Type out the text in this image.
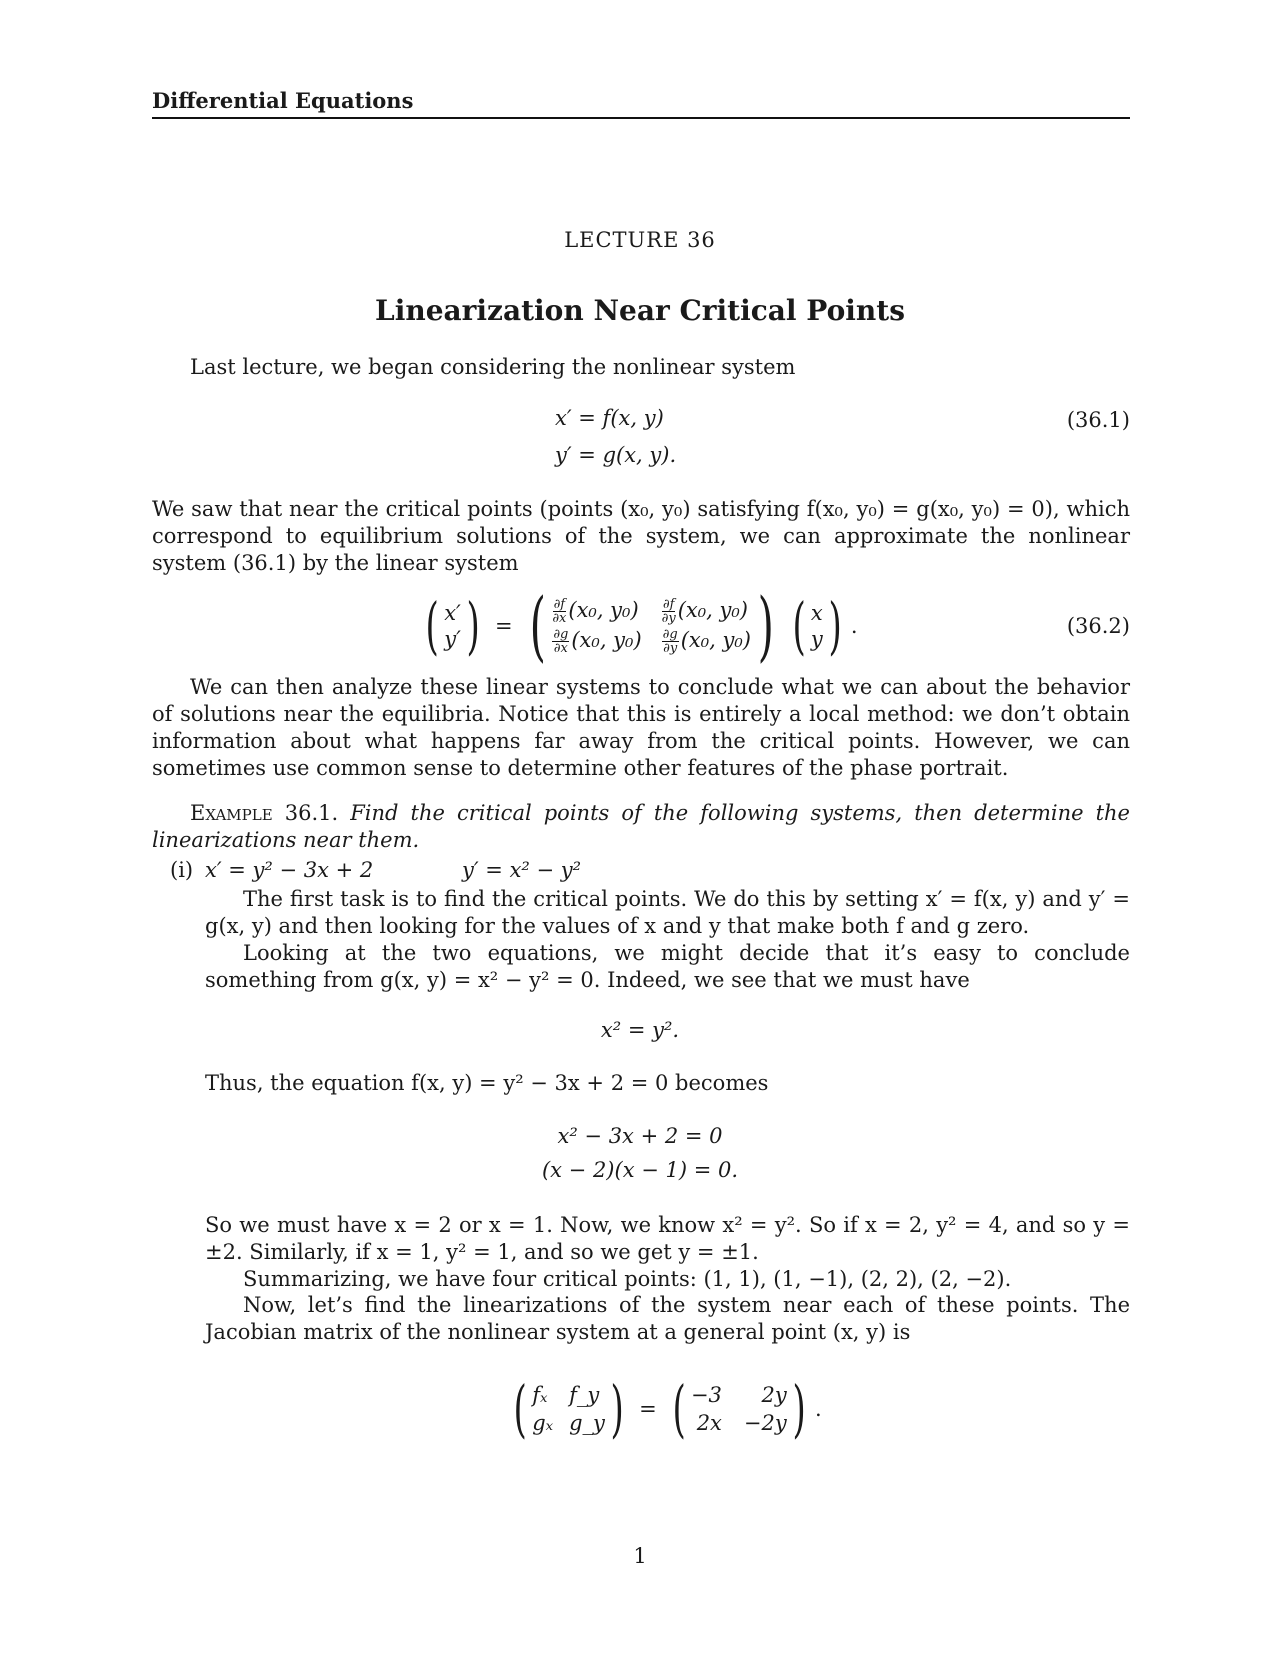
Differential Equations
LECTURE 36
Linearization Near Critical Points
Last lecture, we began considering the nonlinear system
x′ = f(x, y)
y′ = g(x, y).
(36.1)
We saw that near the critical points (points (x₀, y₀) satisfying f(x₀, y₀) = g(x₀, y₀) = 0), which correspond to equilibrium solutions of the system, we can approximate the nonlinear system (36.1) by the linear system
( x′
y′ ) = ( $\frac{\partial f}{\partial x} (x_0$, $y_0) \frac{\partial f}{\partial y} (x_0$, y₀)
$\frac{\partial g}{\partial x} (x_0$, $y_0) \frac{\partial g}{\partial y} (x_0$, y₀) ) ( x
y ) .	(36.2)
We can then analyze these linear systems to conclude what we can about the behavior of solutions near the equilibria. Notice that this is entirely a local method: we don’t obtain information about what happens far away from the critical points. However, we can sometimes use common sense to determine other features of the phase portrait.
Example 36.1. Find the critical points of the following systems, then determine the linearizations near them.
(i) x′ = y² − 3x + 2	y′ = x² − y²
The first task is to find the critical points. We do this by setting x′ = f(x, y) and y′ = g(x, y) and then looking for the values of x and y that make both f and g zero.
Looking at the two equations, we might decide that it’s easy to conclude something from g(x, y) = x² − y² = 0. Indeed, we see that we must have
x² = y².
Thus, the equation f(x, y) = y² − 3x + 2 = 0 becomes
x² − 3x + 2 = 0
(x − 2)(x − 1) = 0.
So we must have x = 2 or x = 1. Now, we know x² = y². So if x = 2, y² = 4, and so y = ±2. Similarly, if x = 1, y² = 1, and so we get y = ±1.
Summarizing, we have four critical points: (1, 1), (1, −1), (2, 2), (2, −2).
Now, let’s find the linearizations of the system near each of these points. The Jacobian matrix of the nonlinear system at a general point (x, y) is
( fₓ f_y
gₓ g_y ) = ( −3 2y
2x −2y ) .
1
